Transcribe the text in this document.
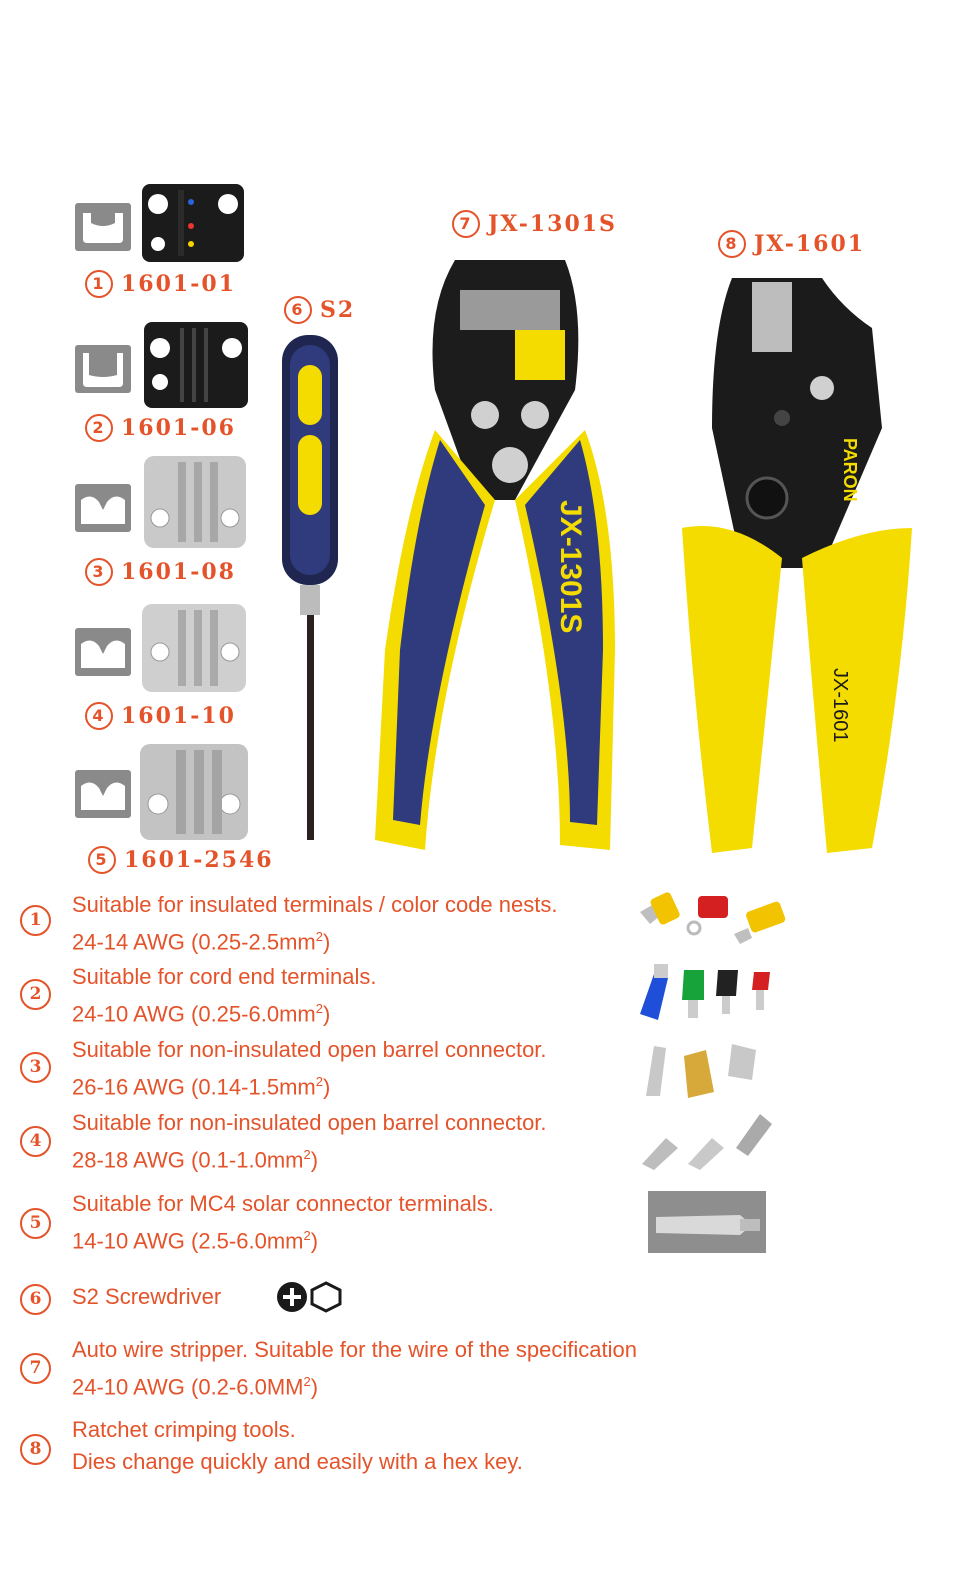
1 1601-01
2 1601-06
3 1601-08
4 1601-10
5 1601-2546
6 S2
7 JX-1301S
8 JX-1601
JX-1301S
PARON
JX-1601
1
Suitable for insulated terminals / color code nests.
24-14 AWG $(0.25-2.5mm^2)$
2
Suitable for cord end terminals.
24-10 AWG $(0.25-6.0mm^2)$
3
Suitable for non-insulated open barrel connector.
26-16 AWG $(0.14-1.5mm^2)$
4
Suitable for non-insulated open barrel connector.
28-18 AWG $(0.1-1.0mm^2)$
5
Suitable for MC4 solar connector terminals.
14-10 AWG $(2.5-6.0mm^2)$
6	S2 Screwdriver
7
Auto wire stripper. Suitable for the wire of the specification
24-10 AWG $(0.2-6.0MM^2)$
8
Ratchet crimping tools.
Dies change quickly and easily with a hex key.
